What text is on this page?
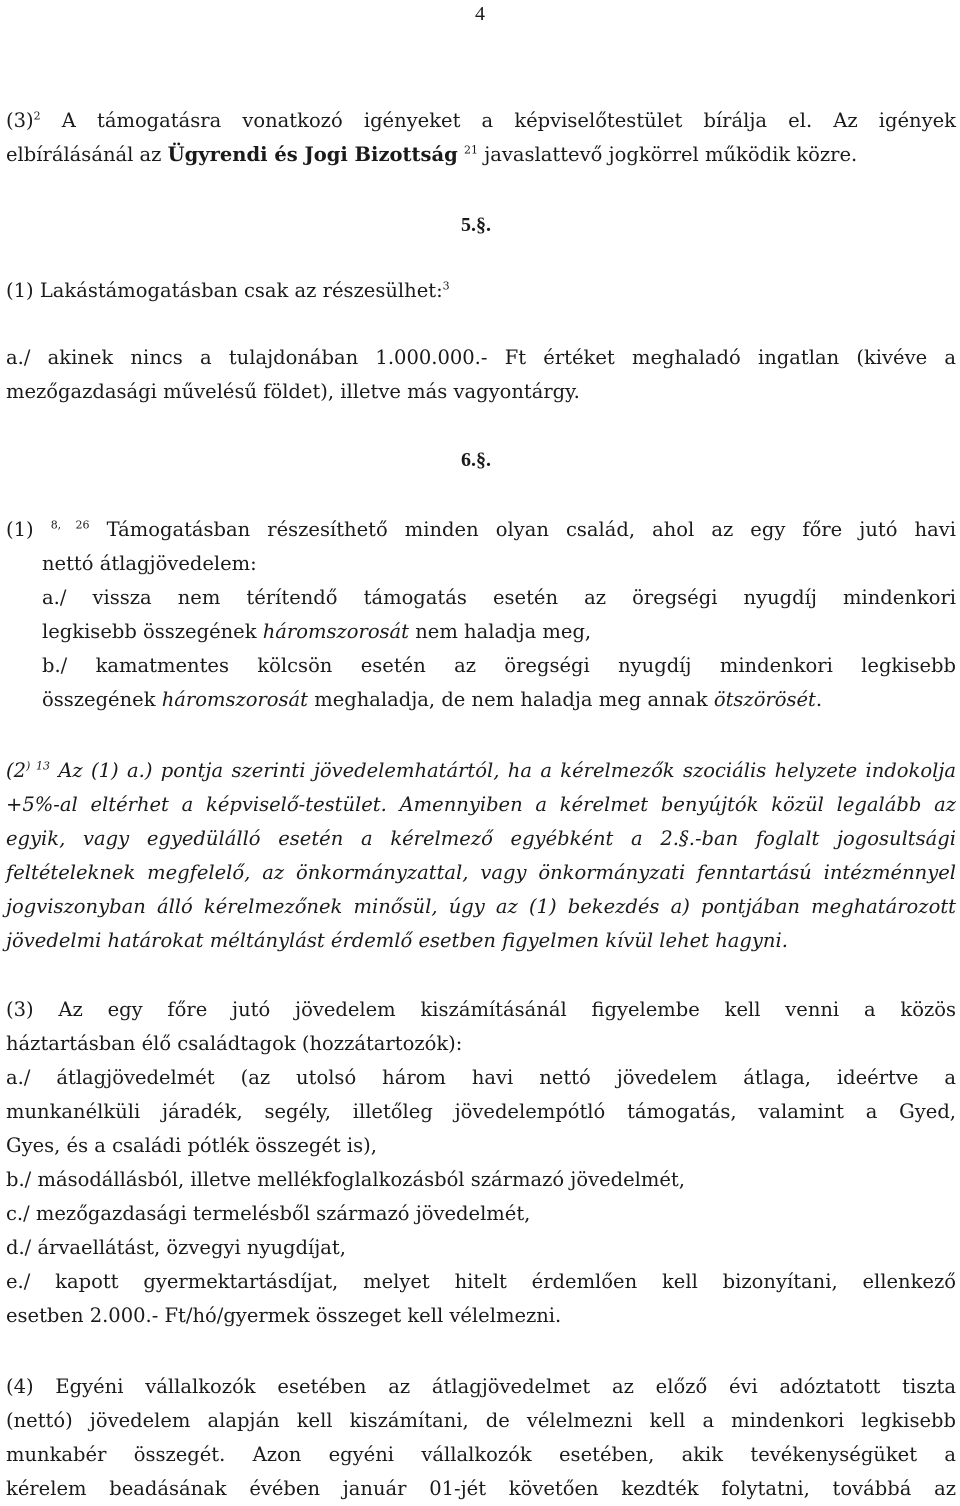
4
$(3)^2$ A támogatásra vonatkozó igényeket a képviselőtestület bírálja el. Az igények
elbírálásánál az Ügyrendi és Jogi Bizottság $^{21}$ javaslattevő jogkörrel működik közre.
5.§.
(1) Lakástámogatásban csak az részesülhet:$^3$
a./ akinek nincs a tulajdonában 1.000.000.- Ft értéket meghaladó ingatlan (kivéve a
mezőgazdasági művelésű földet), illetve más vagyontárgy.
6.§.
(1) $^{8, 26}$ Támogatásban részesíthető minden olyan család, ahol az egy főre jutó havi
nettó átlagjövedelem:
a./ vissza nem térítendő támogatás esetén az öregségi nyugdíj mindenkori
legkisebb összegének háromszorosát nem haladja meg,
b./ kamatmentes kölcsön esetén az öregségi nyugdíj mindenkori legkisebb
összegének háromszorosát meghaladja, de nem haladja meg annak ötszörösét.
($2^{) 13}$ Az (1) a.) pontja szerinti jövedelemhatártól, ha a kérelmezők szociális helyzete indokolja
+5%-al eltérhet a képviselő-testület. Amennyiben a kérelmet benyújtók közül legalább az
egyik, vagy egyedülálló esetén a kérelmező egyébként a 2.§.-ban foglalt jogosultsági
feltételeknek megfelelő, az önkormányzattal, vagy önkormányzati fenntartású intézménnyel
jogviszonyban álló kérelmezőnek minősül, úgy az (1) bekezdés a) pontjában meghatározott
jövedelmi határokat méltánylást érdemlő esetben figyelmen kívül lehet hagyni.
(3) Az egy főre jutó jövedelem kiszámításánál figyelembe kell venni a közös
háztartásban élő családtagok (hozzátartozók):
a./ átlagjövedelmét (az utolsó három havi nettó jövedelem átlaga, ideértve a
munkanélküli járadék, segély, illetőleg jövedelempótló támogatás, valamint a Gyed,
Gyes, és a családi pótlék összegét is),
b./ másodállásból, illetve mellékfoglalkozásból származó jövedelmét,
c./ mezőgazdasági termelésből származó jövedelmét,
d./ árvaellátást, özvegyi nyugdíjat,
e./ kapott gyermektartásdíjat, melyet hitelt érdemlően kell bizonyítani, ellenkező
esetben 2.000.- Ft/hó/gyermek összeget kell vélelmezni.
(4) Egyéni vállalkozók esetében az átlagjövedelmet az előző évi adóztatott tiszta
(nettó) jövedelem alapján kell kiszámítani, de vélelmezni kell a mindenkori legkisebb
munkabér összegét. Azon egyéni vállalkozók esetében, akik tevékenységüket a
kérelem beadásának évében január 01-jét követően kezdték folytatni, továbbá az
